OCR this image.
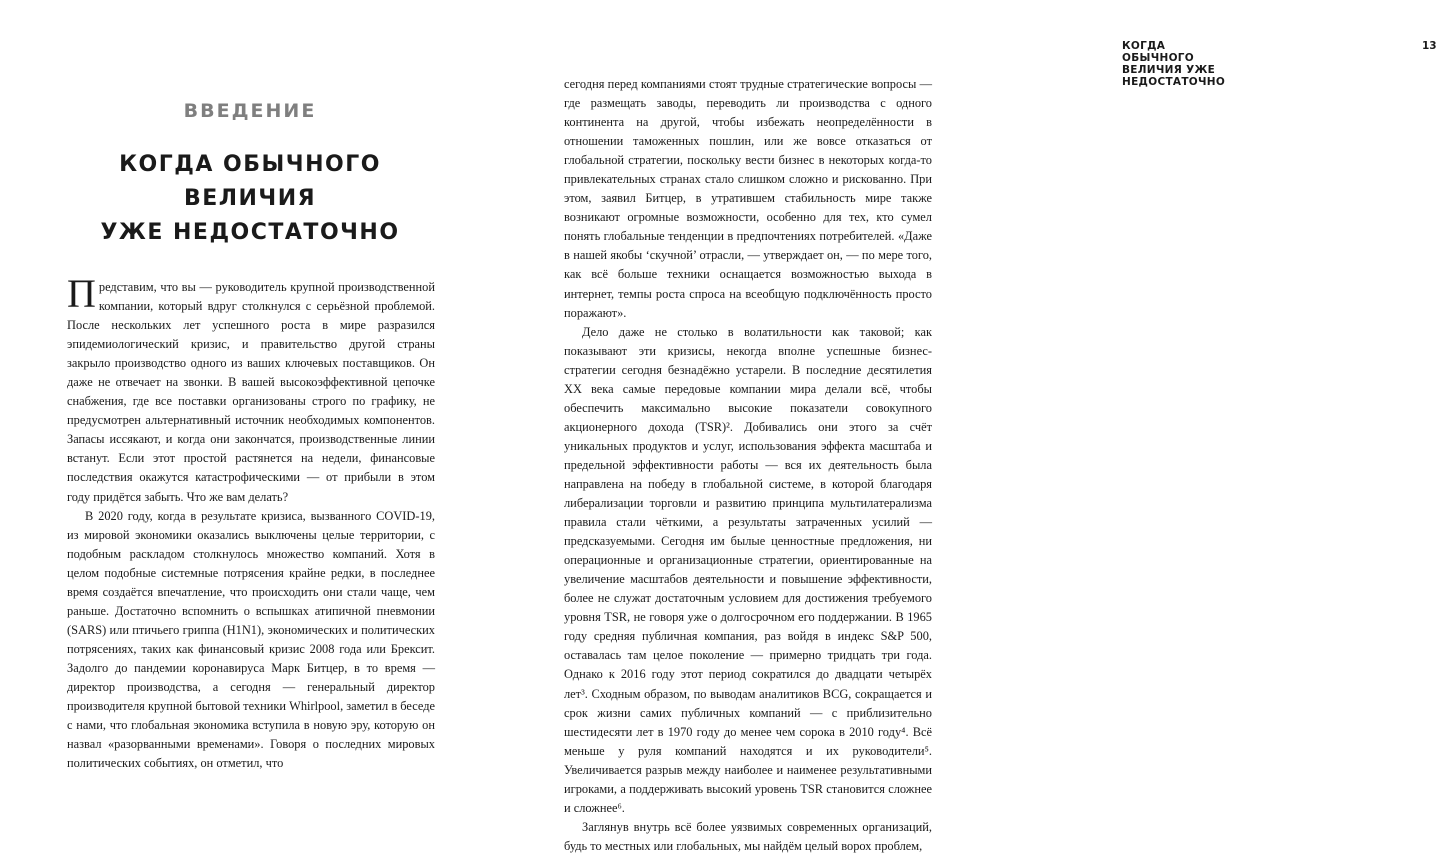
ВВЕДЕНИЕ
КОГДА ОБЫЧНОГО ВЕЛИЧИЯ
УЖЕ НЕДОСТАТОЧНО

Представим, что вы — руководитель крупной производственной компании, который вдруг столкнулся с серьёзной проблемой. После нескольких лет успешного роста в мире разразился эпидемиологический кризис, и правительство другой страны закрыло производство одного из ваших ключевых поставщиков. Он даже не отвечает на звонки. В вашей высокоэффективной цепочке снабжения, где все поставки организованы строго по графику, не предусмотрен альтернативный источник необходимых компонентов. Запасы иссякают, и когда они закончатся, производственные линии встанут. Если этот простой растянется на недели, финансовые последствия окажутся катастрофическими — от прибыли в этом году придётся забыть. Что же вам делать?

В 2020 году, когда в результате кризиса, вызванного COVID-19, из мировой экономики оказались выключены целые территории, с подобным раскладом столкнулось множество компаний. Хотя в целом подобные системные потрясения крайне редки, в последнее время создаётся впечатление, что происходить они стали чаще, чем раньше. Достаточно вспомнить о вспышках атипичной пневмонии (SARS) или птичьего гриппа (H1N1), экономических и политических потрясениях, таких как финансовый кризис 2008 года или Брексит. Задолго до пандемии коронавируса Марк Битцер, в то время — директор производства, а сегодня — генеральный директор производителя крупной бытовой техники Whirlpool, заметил в беседе с нами, что глобальная экономика вступила в новую эру, которую он назвал «разорванными временами». Говоря о последних мировых политических событиях, он отметил, что

КОГДА ОБЫЧНОГО ВЕЛИЧИЯ УЖЕ НЕДОСТАТОЧНО
13

сегодня перед компаниями стоят трудные стратегические вопросы — где размещать заводы, переводить ли производства с одного континента на другой, чтобы избежать неопределённости в отношении таможенных пошлин, или же вовсе отказаться от глобальной стратегии, поскольку вести бизнес в некоторых когда-то привлекательных странах стало слишком сложно и рискованно. При этом, заявил Битцер, в утратившем стабильность мире также возникают огромные возможности, особенно для тех, кто сумел понять глобальные тенденции в предпочтениях потребителей. «Даже в нашей якобы ‘скучной’ отрасли, — утверждает он, — по мере того, как всё больше техники оснащается возможностью выхода в интернет, темпы роста спроса на всеобщую подключённость просто поражают».

Дело даже не столько в волатильности как таковой; как показывают эти кризисы, некогда вполне успешные бизнес-стратегии сегодня безнадёжно устарели. В последние десятилетия XX века самые передовые компании мира делали всё, чтобы обеспечить максимально высокие показатели совокупного акционерного дохода (TSR)². Добивались они этого за счёт уникальных продуктов и услуг, использования эффекта масштаба и предельной эффективности работы — вся их деятельность была направлена на победу в глобальной системе, в которой благодаря либерализации торговли и развитию принципа мультилатерализма правила стали чёткими, а результаты затраченных усилий — предсказуемыми. Сегодня им былые ценностные предложения, ни операционные и организационные стратегии, ориентированные на увеличение масштабов деятельности и повышение эффективности, более не служат достаточным условием для достижения требуемого уровня TSR, не говоря уже о долгосрочном его поддержании. В 1965 году средняя публичная компания, раз войдя в индекс S&P 500, оставалась там целое поколение — примерно тридцать три года. Однако к 2016 году этот период сократился до двадцати четырёх лет³. Сходным образом, по выводам аналитиков BCG, сокращается и срок жизни самих публичных компаний — с приблизительно шестидесяти лет в 1970 году до менее чем сорока в 2010 году⁴. Всё меньше у руля компаний находятся и их руководители⁵. Увеличивается разрыв между наиболее и наименее результативными игроками, а поддерживать высокий уровень TSR становится сложнее и сложнее⁶.

Заглянув внутрь всё более уязвимых современных организаций, будь то местных или глобальных, мы найдём целый ворох проблем,
